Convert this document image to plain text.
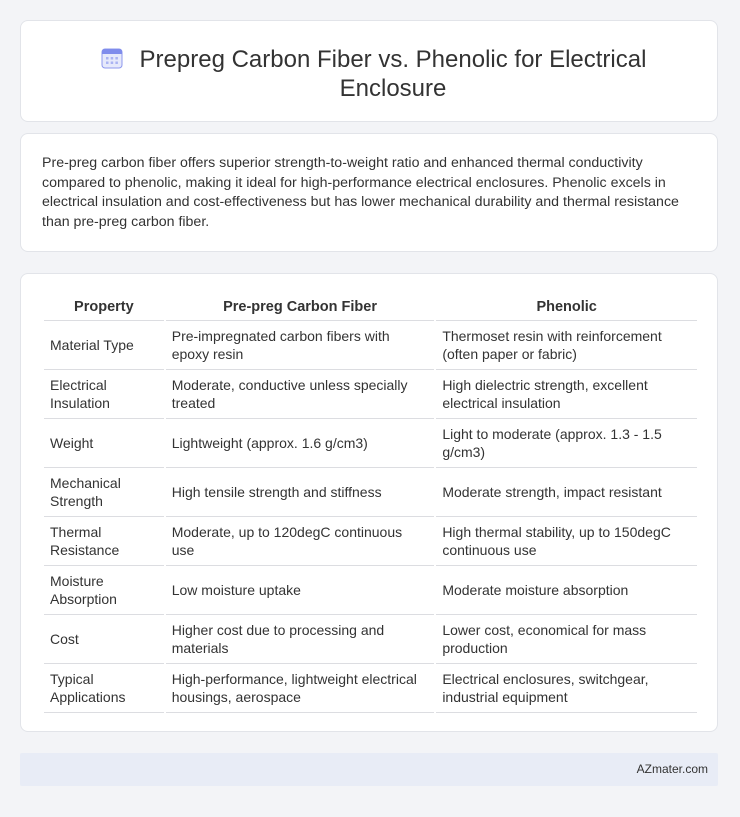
Prepreg Carbon Fiber vs. Phenolic for Electrical Enclosure

Pre-preg carbon fiber offers superior strength-to-weight ratio and enhanced thermal conductivity compared to phenolic, making it ideal for high-performance electrical enclosures. Phenolic excels in electrical insulation and cost-effectiveness but has lower mechanical durability and thermal resistance than pre-preg carbon fiber.

Property	Pre-preg Carbon Fiber	Phenolic
Material Type	Pre-impregnated carbon fibers with epoxy resin	Thermoset resin with reinforcement (often paper or fabric)
Electrical Insulation	Moderate, conductive unless specially treated	High dielectric strength, excellent electrical insulation
Weight	Lightweight (approx. 1.6 g/cm3)	Light to moderate (approx. 1.3 - 1.5 g/cm3)
Mechanical Strength	High tensile strength and stiffness	Moderate strength, impact resistant
Thermal Resistance	Moderate, up to 120degC continuous use	High thermal stability, up to 150degC continuous use
Moisture Absorption	Low moisture uptake	Moderate moisture absorption
Cost	Higher cost due to processing and materials	Lower cost, economical for mass production
Typical Applications	High-performance, lightweight electrical housings, aerospace	Electrical enclosures, switchgear, industrial equipment
AZmater.com
